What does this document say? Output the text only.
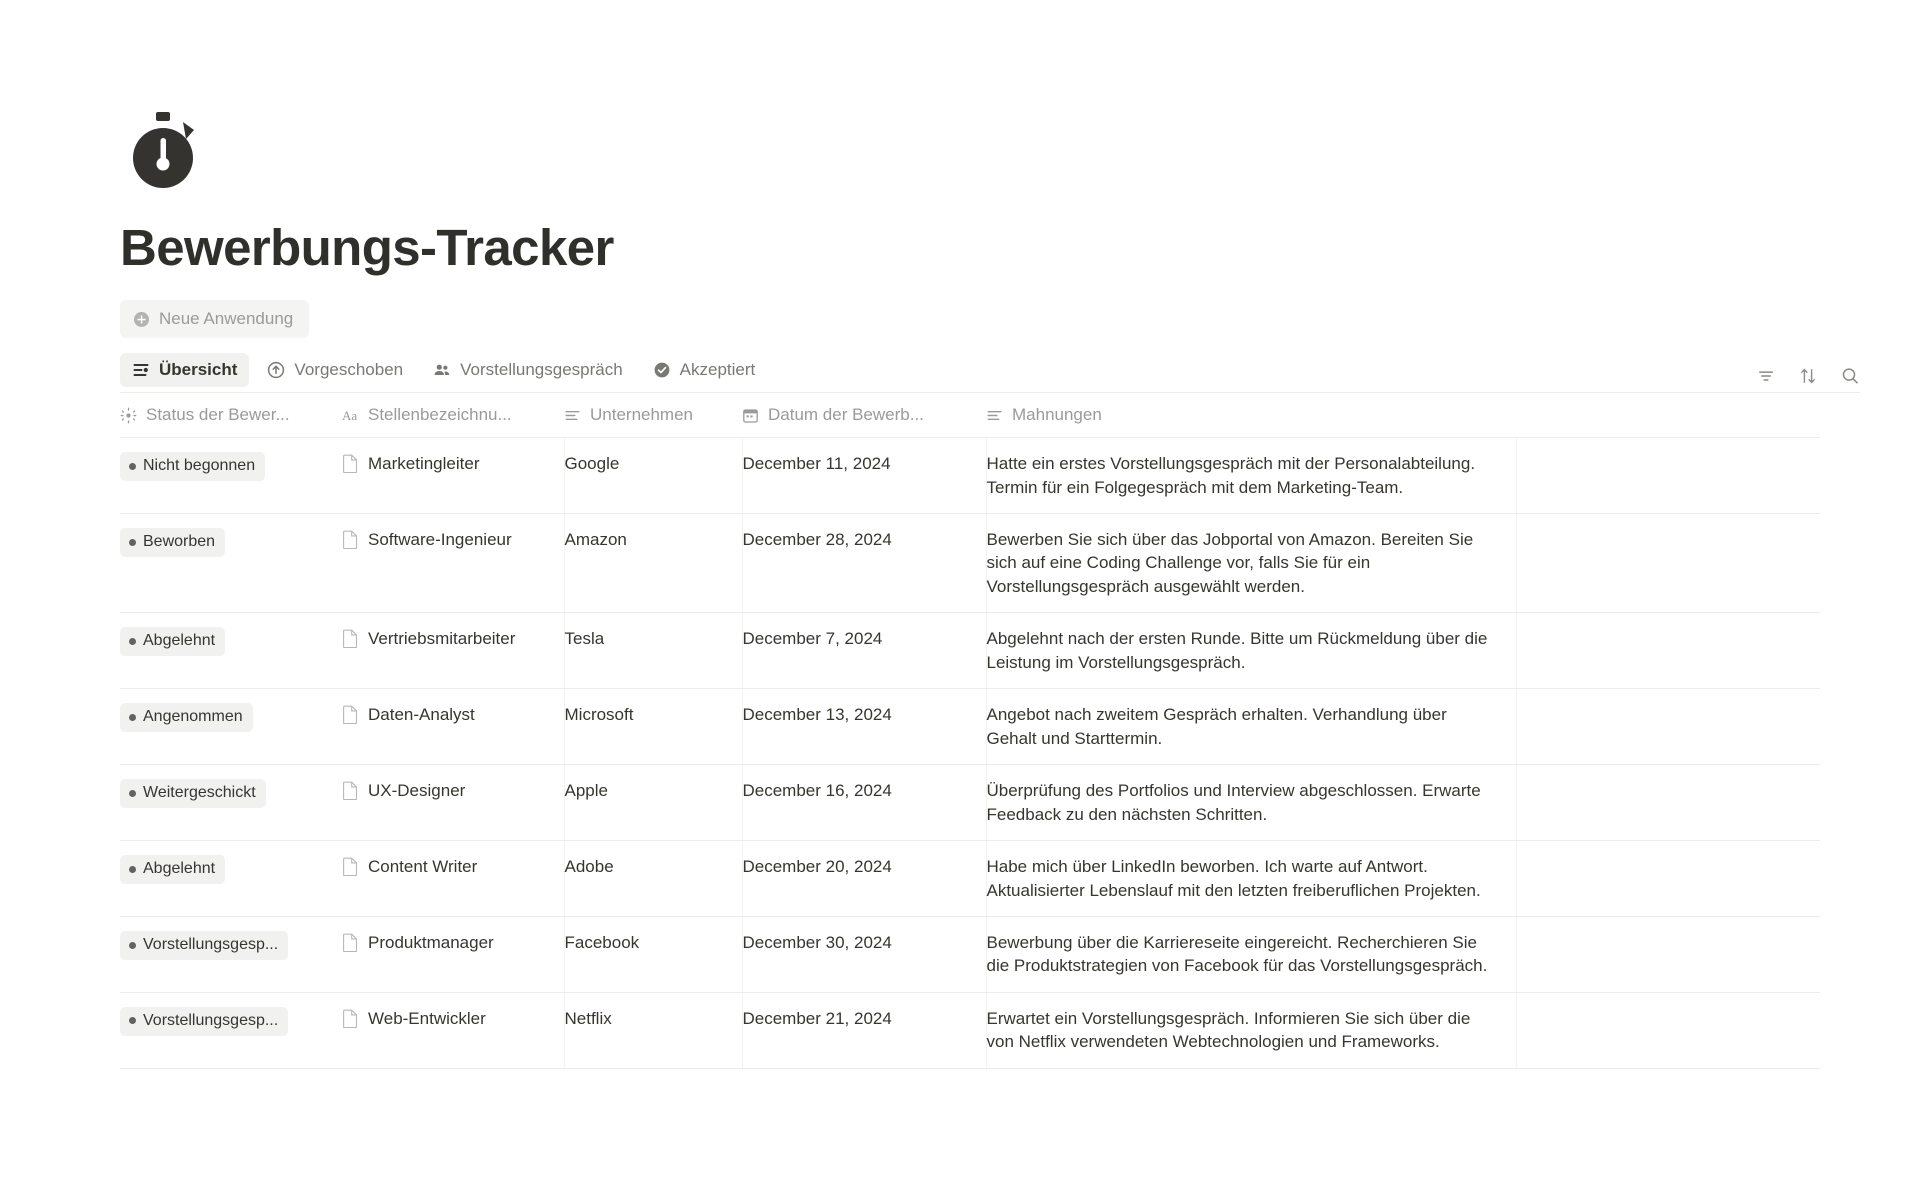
Bewerbungs-Tracker
Neue Anwendung
Übersicht	Vorgeschoben	Vorstellungsgespräch	Akzeptiert
Status der Bewer...	Aa Stellenbezeichnu...	Unternehmen	Datum der Bewerb...	Mahnungen	

Nicht begonnen	Marketingleiter	Google	December 11, 2024	Hatte ein erstes Vorstellungsgespräch mit der Personalabteilung. Termin für ein Folgegespräch mit dem Marketing‑Team.	

Beworben	Software‑Ingenieur	Amazon	December 28, 2024	Bewerben Sie sich über das Jobportal von Amazon. Bereiten Sie sich auf eine Coding Challenge vor, falls Sie für ein Vorstellungsgespräch ausgewählt werden.	

Abgelehnt	Vertriebsmitarbeiter	Tesla	December 7, 2024	Abgelehnt nach der ersten Runde. Bitte um Rückmeldung über die Leistung im Vorstellungsgespräch.	

Angenommen	Daten‑Analyst	Microsoft	December 13, 2024	Angebot nach zweitem Gespräch erhalten. Verhandlung über Gehalt und Starttermin.	

Weitergeschickt	UX‑Designer	Apple	December 16, 2024	Überprüfung des Portfolios und Interview abgeschlossen. Erwarte Feedback zu den nächsten Schritten.	

Abgelehnt	Content Writer	Adobe	December 20, 2024	Habe mich über LinkedIn beworben. Ich warte auf Antwort. Aktualisierter Lebenslauf mit den letzten freiberuflichen Projekten.	

Vorstellungsgesp...	Produktmanager	Facebook	December 30, 2024	Bewerbung über die Karriereseite eingereicht. Recherchieren Sie die Produktstrategien von Facebook für das Vorstellungsgespräch.	

Vorstellungsgesp...	Web‑Entwickler	Netflix	December 21, 2024	Erwartet ein Vorstellungsgespräch. Informieren Sie sich über die von Netflix verwendeten Webtechnologien und Frameworks.	
